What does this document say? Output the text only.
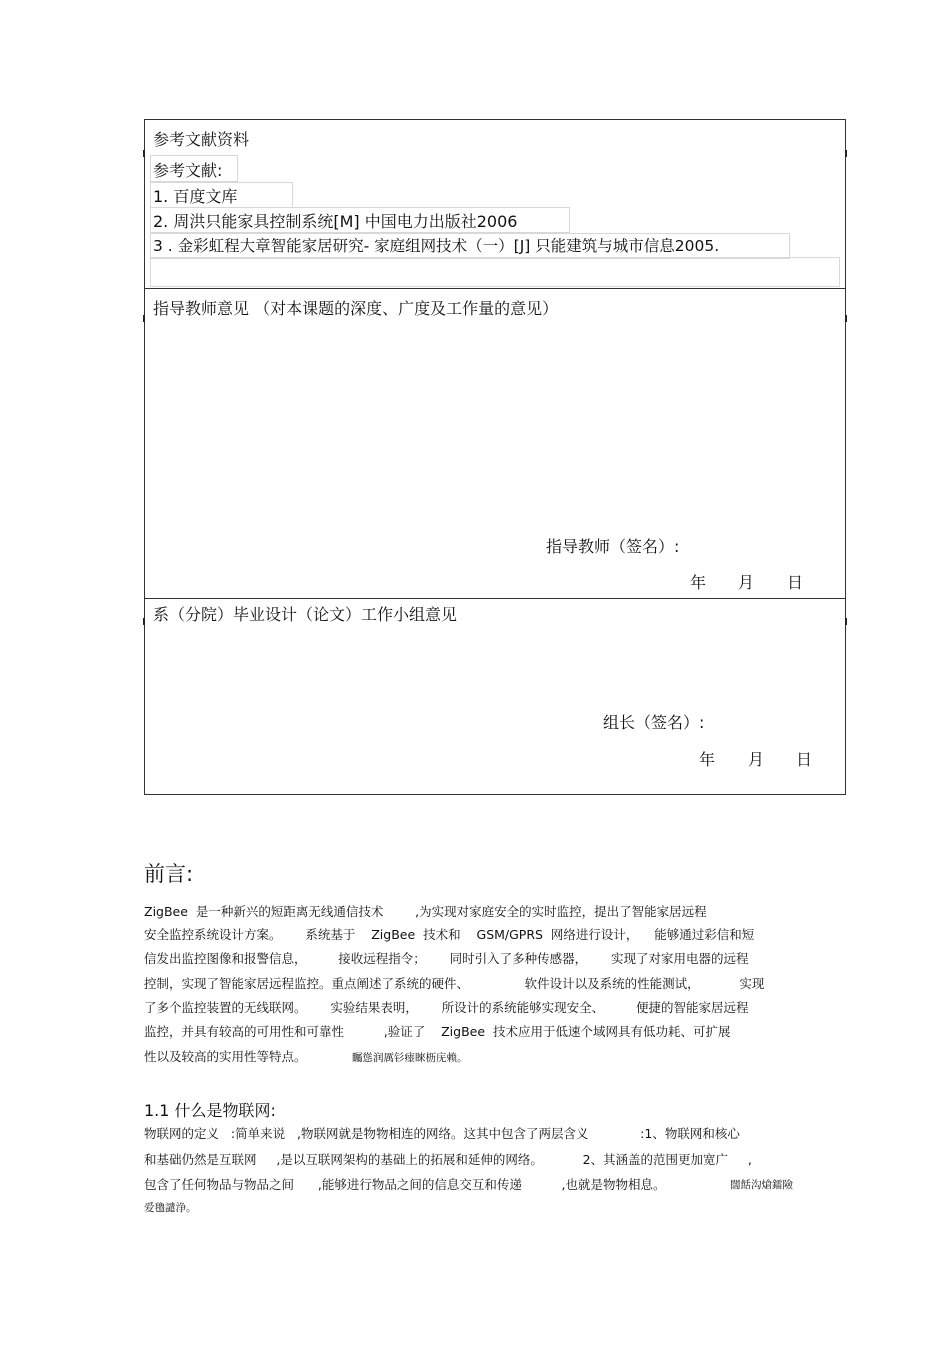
参考文献资料
参考文献:
1. 百度文库
2. 周洪只能家具控制系统[M] 中国电力出版社2006
3 . 金彩虹程大章智能家居研究- 家庭组网技术（一）[J] 只能建筑与城市信息2005.
指导教师意见 （对本课题的深度、广度及工作量的意见）
指导教师（签名）:
年 月 日
系（分院）毕业设计（论文）工作小组意见
组长（签名）:
年 月 日
前言:
ZigBee  是一种新兴的短距离无线通信技术        ,为实现对家庭安全的实时监控，提出了智能家居远程
安全监控系统设计方案。      系统基于    ZigBee  技术和    GSM/GPRS  网络进行设计，    能够通过彩信和短
信发出监控图像和报警信息，        接收远程指令；      同时引入了多种传感器，      实现了对家用电器的远程
控制，实现了智能家居远程监控。重点阐述了系统的硬件、              软件设计以及系统的性能测试，          实现
了多个监控装置的无线联网。      实验结果表明，      所设计的系统能够实现安全、        便捷的智能家居远程
监控，并具有较高的可用性和可靠性          ,验证了    ZigBee  技术应用于低速个域网具有低功耗、可扩展
性以及较高的实用性等特点。	矚慫润厲钐瘗睞枥庑赖。
1.1 什么是物联网:
物联网的定义   :简单来说   ,物联网就是物物相连的网络。这其中包含了两层含义             :1、物联网和核心
和基础仍然是互联网     ,是以互联网架构的基础上的拓展和延伸的网络。          2、其涵盖的范围更加宽广     ,
包含了任何物品与物品之间      ,能够进行物品之间的信息交互和传递          ,也就是物物相息。	闊餂沟熗鐳險
爱氌譴浄。
